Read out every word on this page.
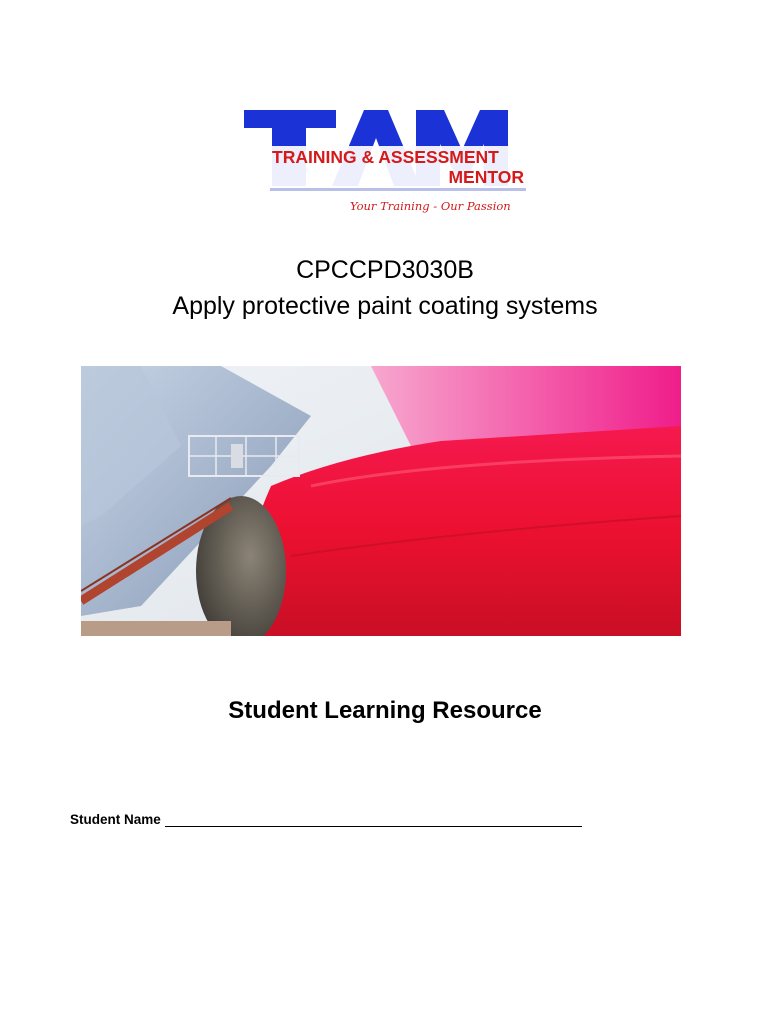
TRAINING & ASSESSMENT
MENTOR
Your Training - Our Passion
CPCCPD3030B
Apply protective paint coating systems
Student Learning Resource
Student Name
